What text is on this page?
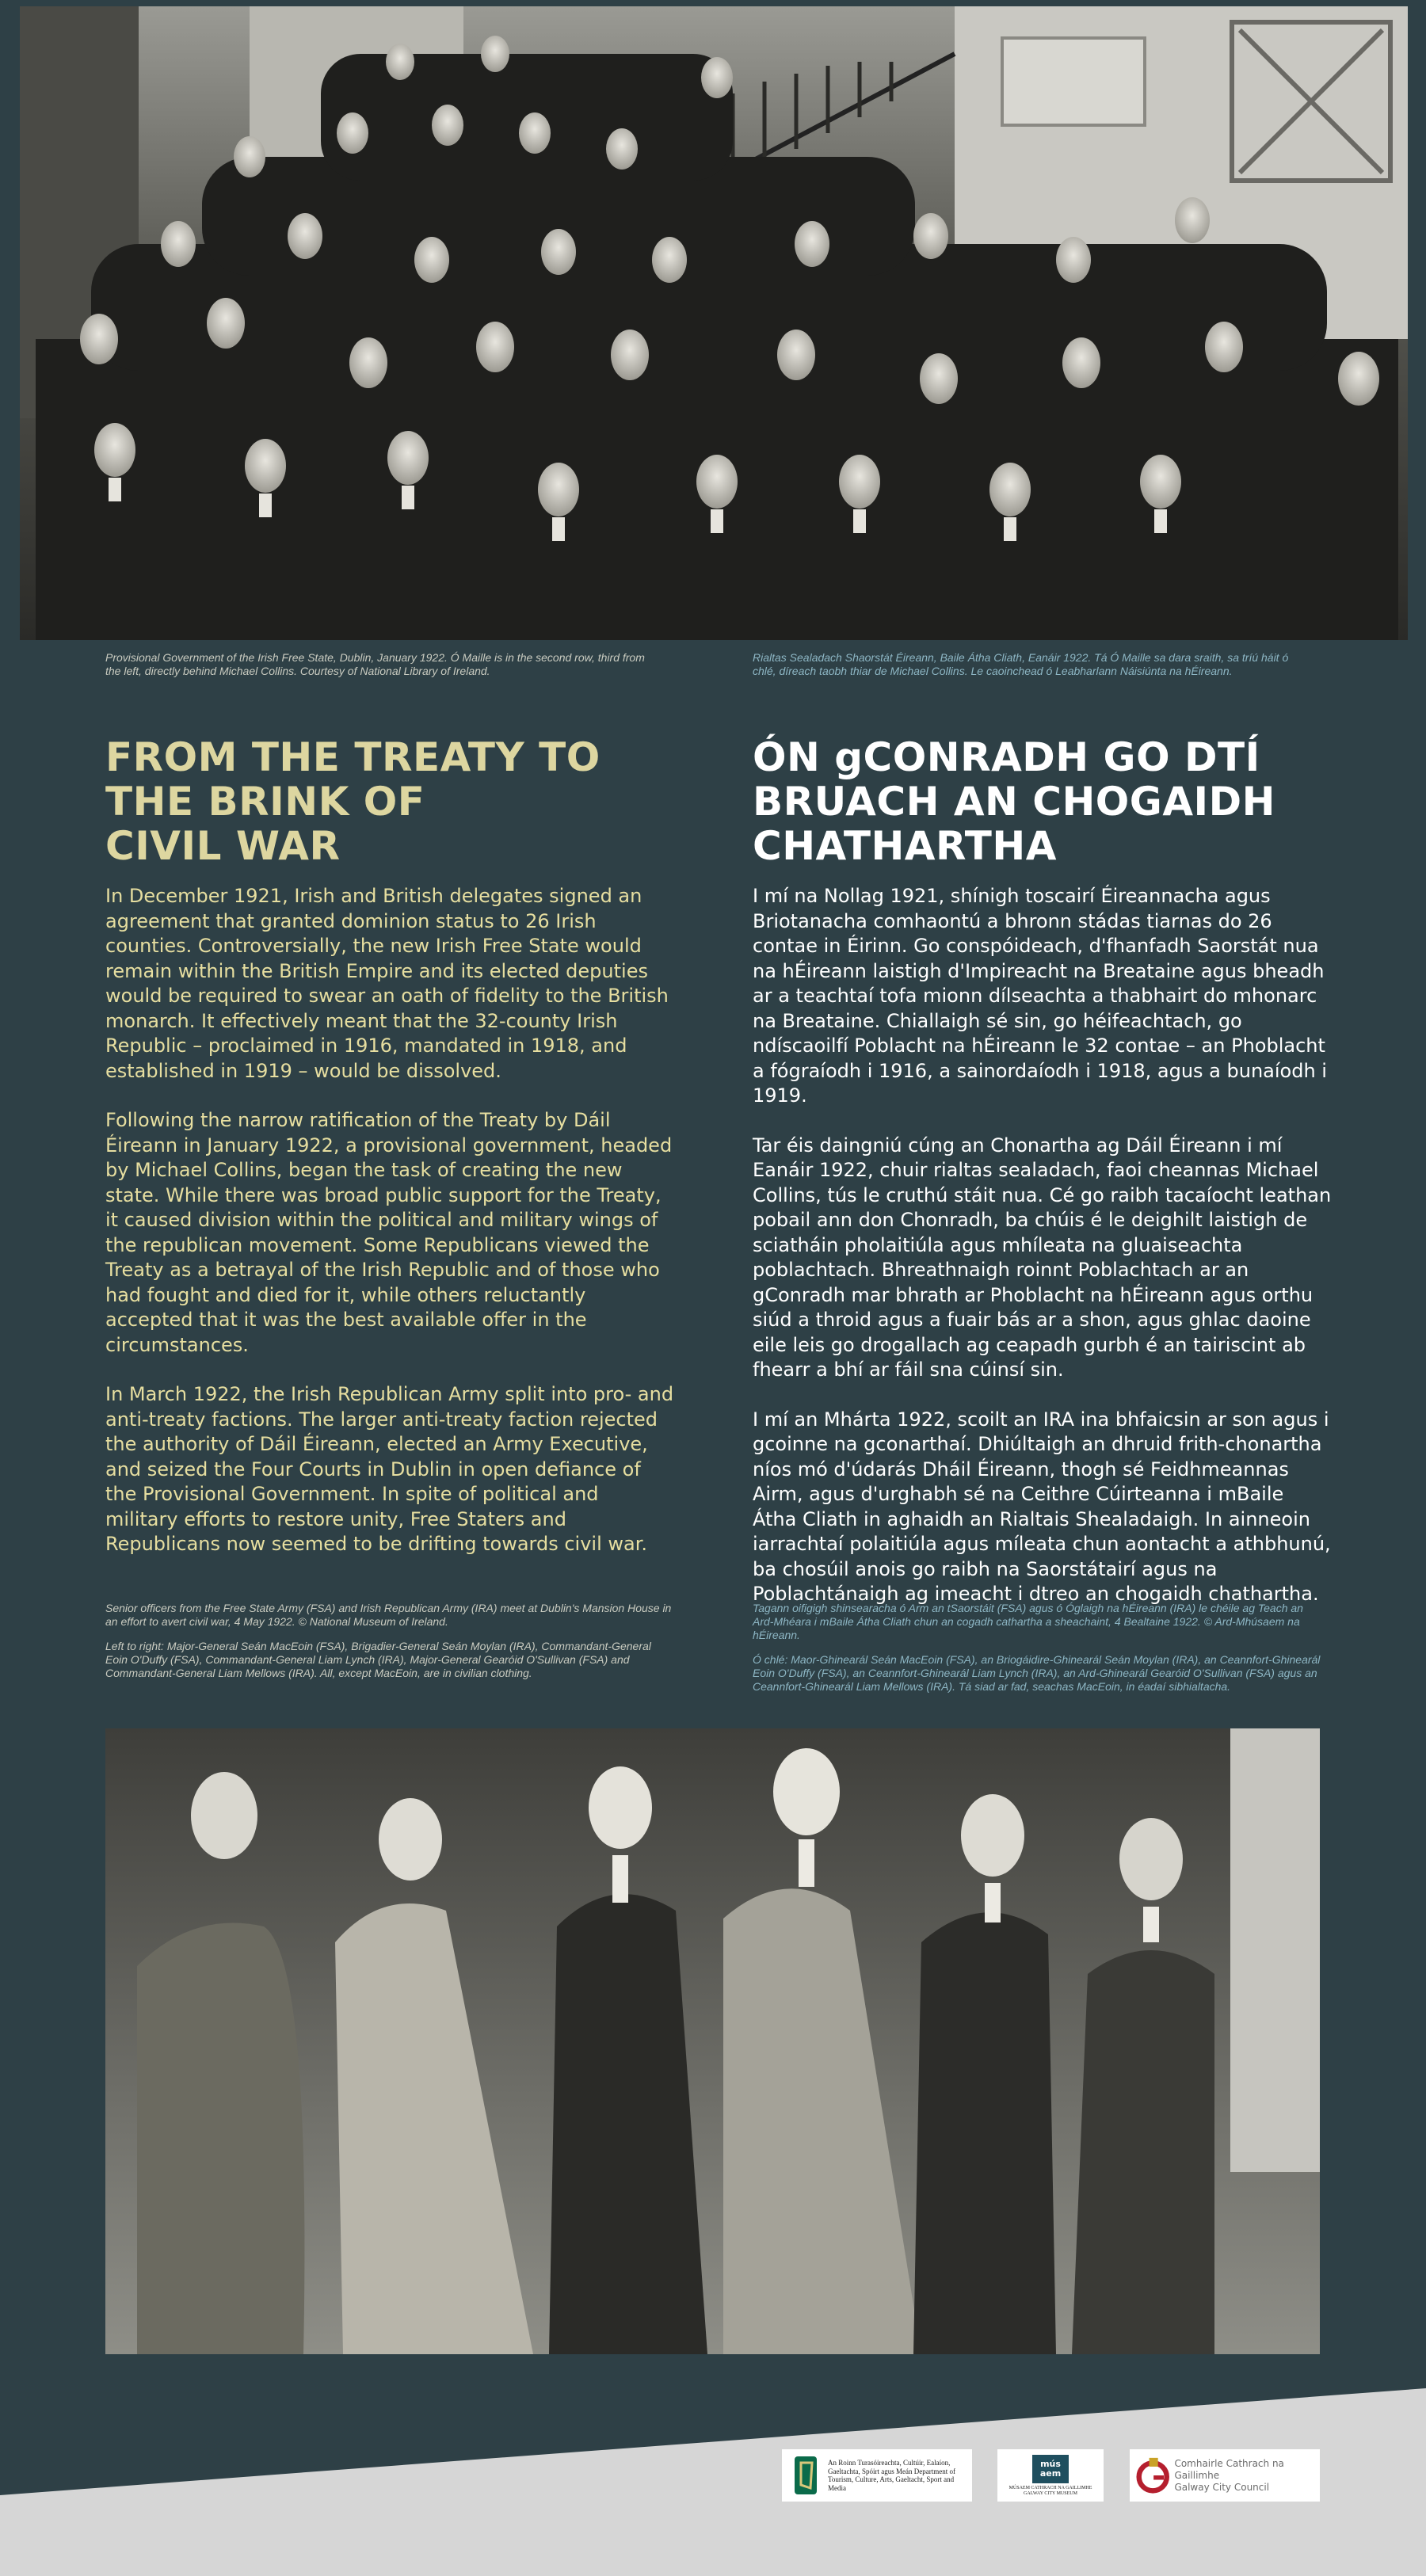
Provisional Government of the Irish Free State, Dublin, January 1922. Ó Maille is in the second row, third from the left, directly behind Michael Collins. Courtesy of National Library of Ireland.
Rialtas Sealadach Shaorstát Éireann, Baile Átha Cliath, Eanáir 1922. Tá Ó Maille sa dara sraith, sa tríú háit ó chlé, díreach taobh thiar de Michael Collins. Le caoinchead ó Leabharlann Náisiúnta na hÉireann.
FROM THE TREATY TO
THE BRINK OF
CIVIL WAR
ÓN gCONRADH GO DTÍ
BRUACH AN CHOGAIDH
CHATHARTHA

In December 1921, Irish and British delegates signed an agreement that granted dominion status to 26 Irish counties. Controversially, the new Irish Free State would remain within the British Empire and its elected deputies would be required to swear an oath of fidelity to the British monarch. It effectively meant that the 32-county Irish Republic – proclaimed in 1916, mandated in 1918, and established in 1919 – would be dissolved.

Following the narrow ratification of the Treaty by Dáil Éireann in January 1922, a provisional government, headed by Michael Collins, began the task of creating the new state. While there was broad public support for the Treaty, it caused division within the political and military wings of the republican movement. Some Republicans viewed the Treaty as a betrayal of the Irish Republic and of those who had fought and died for it, while others reluctantly accepted that it was the best available offer in the circumstances.

In March 1922, the Irish Republican Army split into pro- and anti-treaty factions. The larger anti-treaty faction rejected the authority of Dáil Éireann, elected an Army Executive, and seized the Four Courts in Dublin in open defiance of the Provisional Government. In spite of political and military efforts to restore unity, Free Staters and Republicans now seemed to be drifting towards civil war.

I mí na Nollag 1921, shínigh toscairí Éireannacha agus Briotanacha comhaontú a bhronn stádas tiarnas do 26 contae in Éirinn. Go conspóideach, d'fhanfadh Saorstát nua na hÉireann laistigh d'Impireacht na Breataine agus bheadh ar a teachtaí tofa mionn dílseachta a thabhairt do mhonarc na Breataine. Chiallaigh sé sin, go héifeachtach, go ndíscaoilfí Poblacht na hÉireann le 32 contae – an Phoblacht a fógraíodh i 1916, a sainordaíodh i 1918, agus a bunaíodh i 1919.

Tar éis daingniú cúng an Chonartha ag Dáil Éireann i mí Eanáir 1922, chuir rialtas sealadach, faoi cheannas Michael Collins, tús le cruthú stáit nua. Cé go raibh tacaíocht leathan pobail ann don Chonradh, ba chúis é le deighilt laistigh de sciatháin pholaitiúla agus mhíleata na gluaiseachta poblachtach. Bhreathnaigh roinnt Poblachtach ar an gConradh mar bhrath ar Phoblacht na hÉireann agus orthu siúd a throid agus a fuair bás ar a shon, agus ghlac daoine eile leis go drogallach ag ceapadh gurbh é an tairiscint ab fhearr a bhí ar fáil sna cúinsí sin.

I mí an Mhárta 1922, scoilt an IRA ina bhfaicsin ar son agus i gcoinne na gconarthaí. Dhiúltaigh an dhruid frith-chonartha níos mó d'údarás Dháil Éireann, thogh sé Feidhmeannas Airm, agus d'urghabh sé na Ceithre Cúirteanna i mBaile Átha Cliath in aghaidh an Rialtais Shealadaigh. In ainneoin iarrachtaí polaitiúla agus míleata chun aontacht a athbhunú, ba chosúil anois go raibh na Saorstátairí agus na Poblachtánaigh ag imeacht i dtreo an chogaidh chathartha.

Senior officers from the Free State Army (FSA) and Irish Republican Army (IRA) meet at Dublin's Mansion House in an effort to avert civil war, 4 May 1922. © National Museum of Ireland.
Left to right: Major-General Seán MacEoin (FSA), Brigadier-General Seán Moylan (IRA), Commandant-General Eoin O'Duffy (FSA), Commandant-General Liam Lynch (IRA), Major-General Gearóid O'Sullivan (FSA) and Commandant-General Liam Mellows (IRA). All, except MacEoin, are in civilian clothing.
Tagann oifigigh shinsearacha ó Arm an tSaorstáit (FSA) agus ó Óglaigh na hÉireann (IRA) le chéile ag Teach an Ard-Mhéara i mBaile Átha Cliath chun an cogadh cathartha a sheachaint, 4 Bealtaine 1922. © Ard-Mhúsaem na hÉireann.
Ó chlé: Maor-Ghinearál Seán MacEoin (FSA), an Briogáidire-Ghinearál Seán Moylan (IRA), an Ceannfort-Ghinearál Eoin O'Duffy (FSA), an Ceannfort-Ghinearál Liam Lynch (IRA), an Ard-Ghinearál Gearóid O'Sullivan (FSA) agus an Ceannfort-Ghinearál Liam Mellows (IRA). Tá siad ar fad, seachas MacEoin, in éadaí sibhialtacha.
An Roinn Turasóireachta, Cultúir, Ealaíon, Gaeltachta, Spóirt agus Meán Department of Tourism, Culture, Arts, Gaeltacht, Sport and Media
mús aem
MÚSAEM CATHRACH NA GAILLIMHE GALWAY CITY MUSEUM
Comhairle Cathrach na Gaillimhe
Galway City Council
